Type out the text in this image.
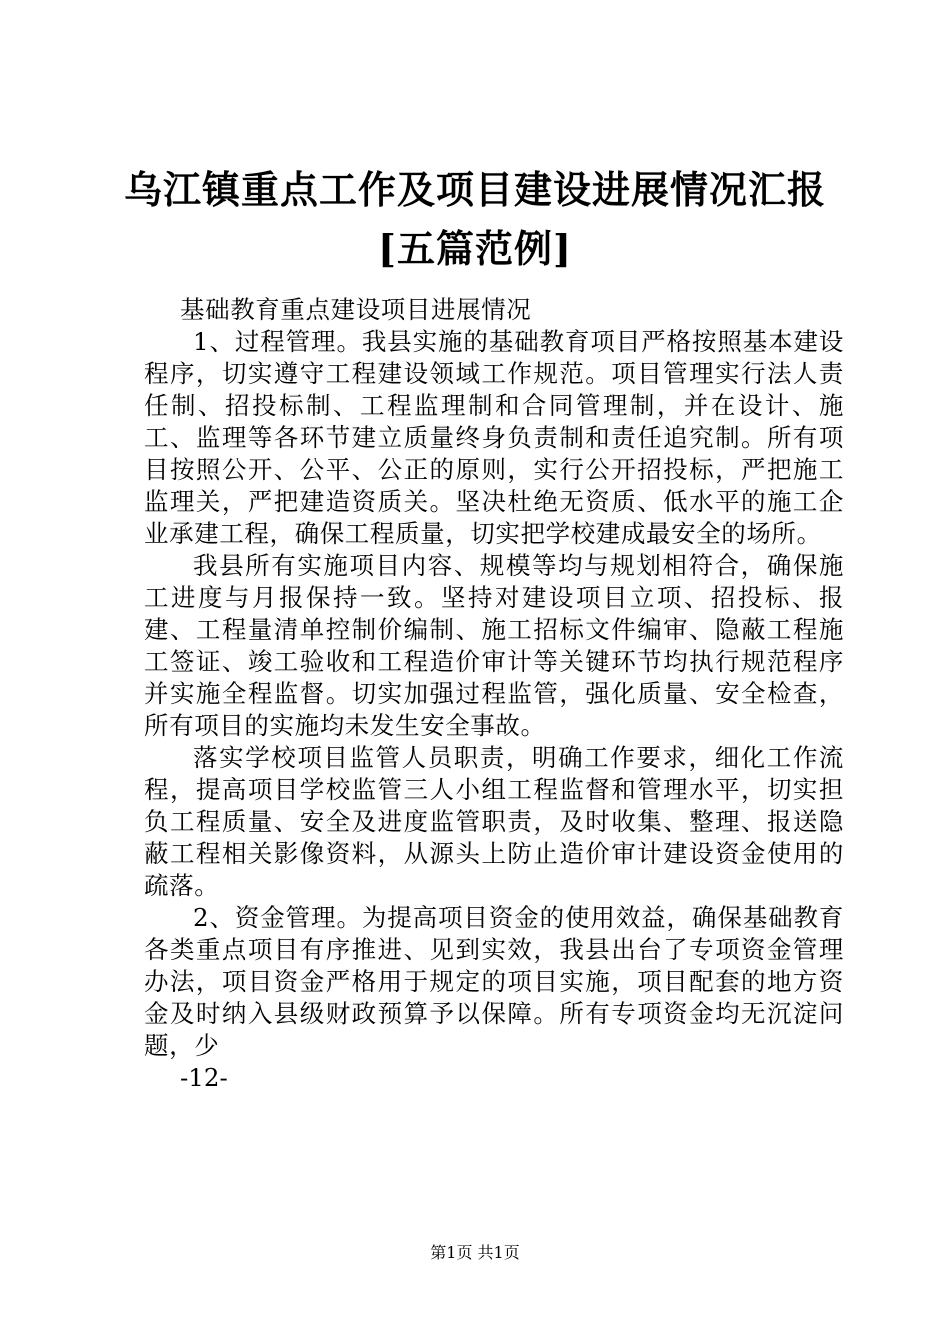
乌江镇重点工作及项目建设进展情况汇报[五篇范例]

基础教育重点建设项目进展情况

1、过程管理。我县实施的基础教育项目严格按照基本建设程序，切实遵守工程建设领域工作规范。项目管理实行法人责任制、招投标制、工程监理制和合同管理制，并在设计、施工、监理等各环节建立质量终身负责制和责任追究制。所有项目按照公开、公平、公正的原则，实行公开招投标，严把施工监理关，严把建造资质关。坚决杜绝无资质、低水平的施工企业承建工程，确保工程质量，切实把学校建成最安全的场所。

我县所有实施项目内容、规模等均与规划相符合，确保施工进度与月报保持一致。坚持对建设项目立项、招投标、报建、工程量清单控制价编制、施工招标文件编审、隐蔽工程施工签证、竣工验收和工程造价审计等关键环节均执行规范程序并实施全程监督。切实加强过程监管，强化质量、安全检查，所有项目的实施均未发生安全事故。

落实学校项目监管人员职责，明确工作要求，细化工作流程，提高项目学校监管三人小组工程监督和管理水平，切实担负工程质量、安全及进度监管职责，及时收集、整理、报送隐蔽工程相关影像资料，从源头上防止造价审计建设资金使用的疏落。

2、资金管理。为提高项目资金的使用效益，确保基础教育各类重点项目有序推进、见到实效，我县出台了专项资金管理办法，项目资金严格用于规定的项目实施，项目配套的地方资金及时纳入县级财政预算予以保障。所有专项资金均无沉淀问题，少

-12-

第1页 共1页
